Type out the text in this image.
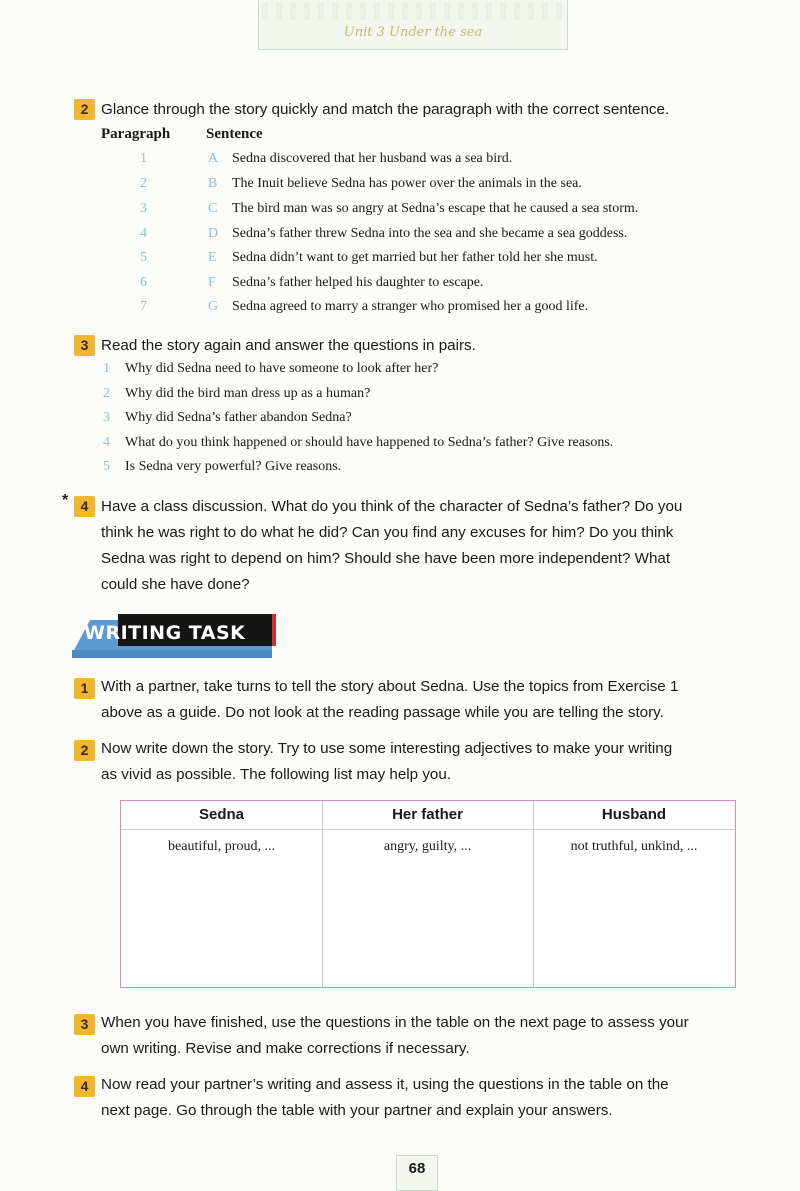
Unit 3 Under the sea
2 Glance through the story quickly and match the paragraph with the correct sentence.
Paragraph Sentence
1	A Sedna discovered that her husband was a sea bird.
2	B The Inuit believe Sedna has power over the animals in the sea.
3	C The bird man was so angry at Sedna’s escape that he caused a sea storm.
4	D Sedna’s father threw Sedna into the sea and she became a sea goddess.
5	E Sedna didn’t want to get married but her father told her she must.
6	F Sedna’s father helped his daughter to escape.
7	G Sedna agreed to marry a stranger who promised her a good life.
3 Read the story again and answer the questions in pairs.
1 Why did Sedna need to have someone to look after her?
2 Why did the bird man dress up as a human?
3 Why did Sedna’s father abandon Sedna?
4 What do you think happened or should have happened to Sedna’s father? Give reasons.
5 Is Sedna very powerful? Give reasons.
* 4 Have a class discussion. What do you think of the character of Sedna’s father? Do you
think he was right to do what he did? Can you find any excuses for him? Do you think
Sedna was right to depend on him? Should she have been more independent? What
could she have done?
WRITING TASK
1 With a partner, take turns to tell the story about Sedna. Use the topics from Exercise 1
above as a guide. Do not look at the reading passage while you are telling the story.
2 Now write down the story. Try to use some interesting adjectives to make your writing
as vivid as possible. The following list may help you.
Sedna	Her father	Husband
beautiful, proud, ...	angry, guilty, ...	not truthful, unkind, ...
3 When you have finished, use the questions in the table on the next page to assess your
own writing. Revise and make corrections if necessary.
4 Now read your partner’s writing and assess it, using the questions in the table on the
next page. Go through the table with your partner and explain your answers.
68
